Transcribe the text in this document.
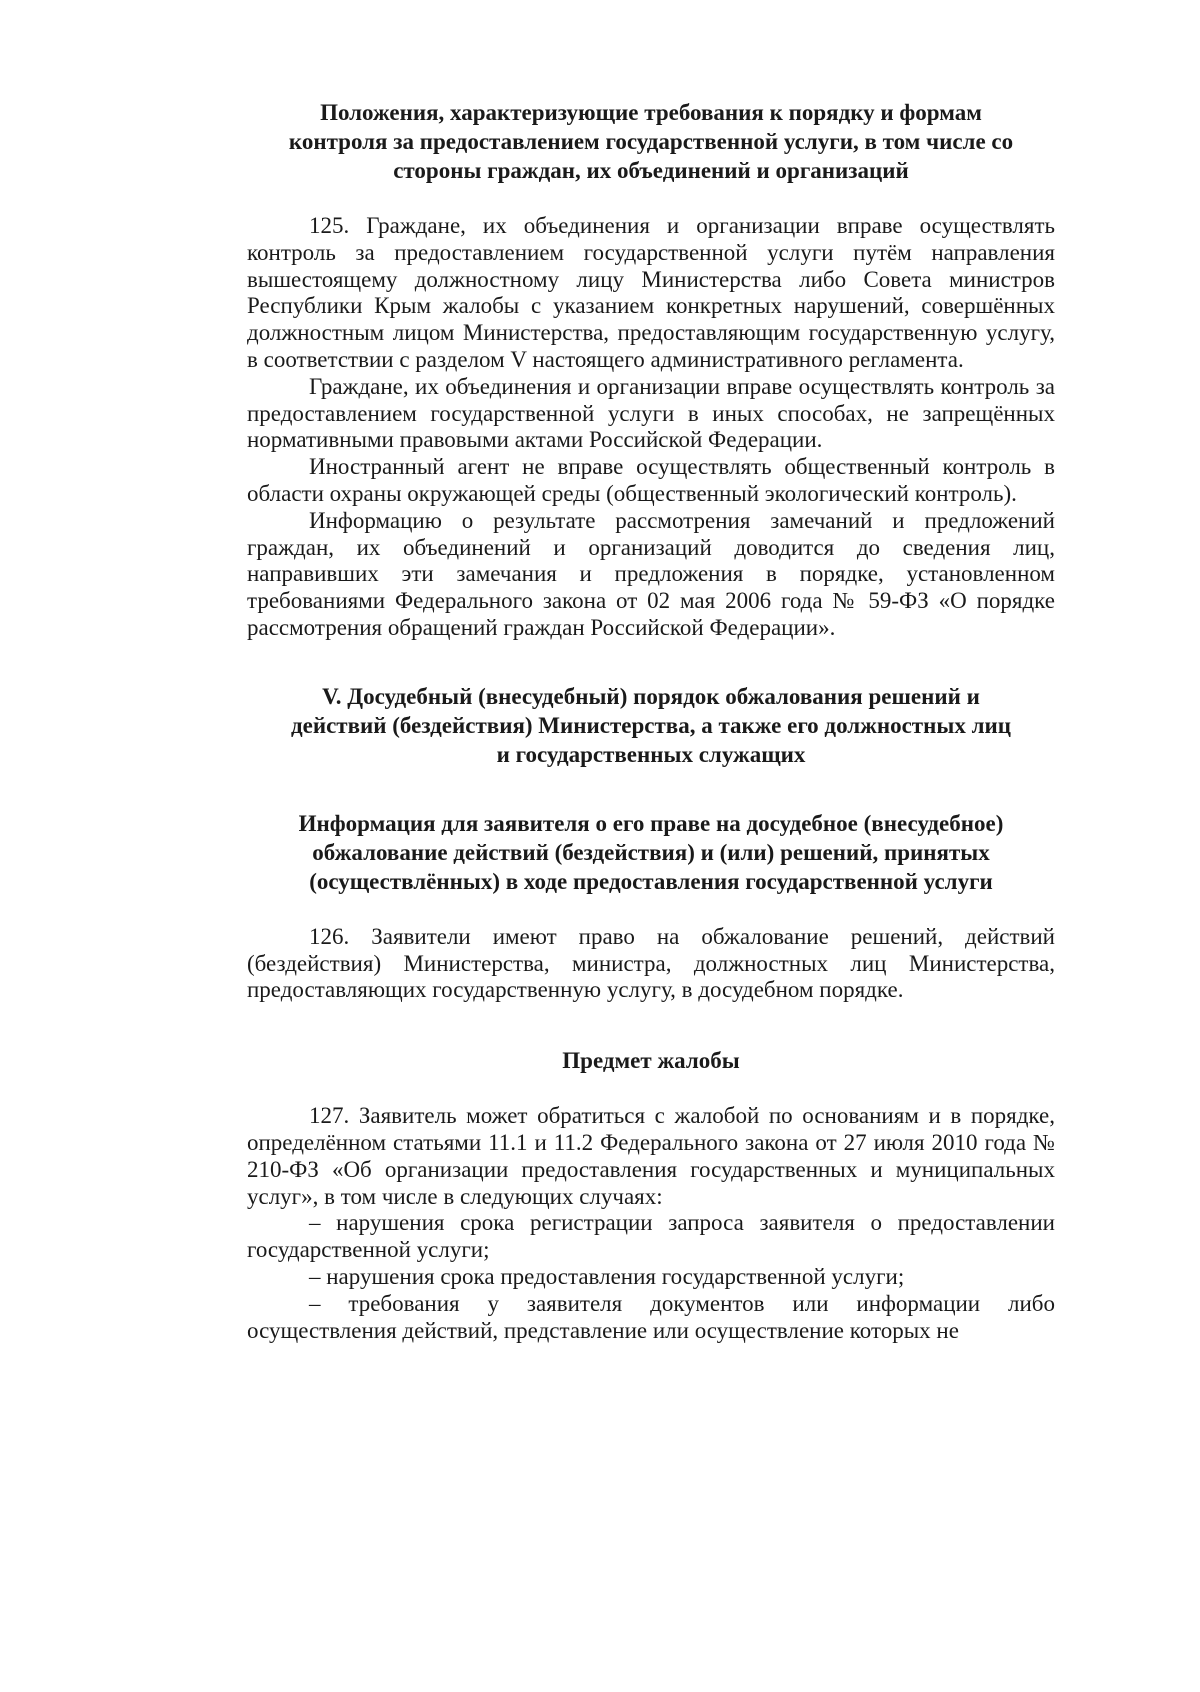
Положения, характеризующие требования к порядку и формам
контроля за предоставлением государственной услуги, в том числе со
стороны граждан, их объединений и организаций

125. Граждане, их объединения и организации вправе осуществлять контроль за предоставлением государственной услуги путём направления вышестоящему должностному лицу Министерства либо Совета министров Республики Крым жалобы с указанием конкретных нарушений, совершённых должностным лицом Министерства, предоставляющим государственную услугу, в соответствии с разделом V настоящего административного регламента.

Граждане, их объединения и организации вправе осуществлять контроль за предоставлением государственной услуги в иных способах, не запрещённых нормативными правовыми актами Российской Федерации.

Иностранный агент не вправе осуществлять общественный контроль в области охраны окружающей среды (общественный экологический контроль).

Информацию о результате рассмотрения замечаний и предложений граждан, их объединений и организаций доводится до сведения лиц, направивших эти замечания и предложения в порядке, установленном требованиями Федерального закона от 02 мая 2006 года № 59-ФЗ «О порядке рассмотрения обращений граждан Российской Федерации».

V. Досудебный (внесудебный) порядок обжалования решений и
действий (бездействия) Министерства, а также его должностных лиц
и государственных служащих
Информация для заявителя о его праве на досудебное (внесудебное)
обжалование действий (бездействия) и (или) решений, принятых
(осуществлённых) в ходе предоставления государственной услуги

126. Заявители имеют право на обжалование решений, действий (бездействия) Министерства, министра, должностных лиц Министерства, предоставляющих государственную услугу, в досудебном порядке.

Предмет жалобы

127. Заявитель может обратиться с жалобой по основаниям и в порядке, определённом статьями 11.1 и 11.2 Федерального закона от 27 июля 2010 года № 210-ФЗ «Об организации предоставления государственных и муниципальных услуг», в том числе в следующих случаях:

– нарушения срока регистрации запроса заявителя о предоставлении государственной услуги;

– нарушения срока предоставления государственной услуги;

– требования у заявителя документов или информации либо осуществления действий, представление или осуществление которых не
